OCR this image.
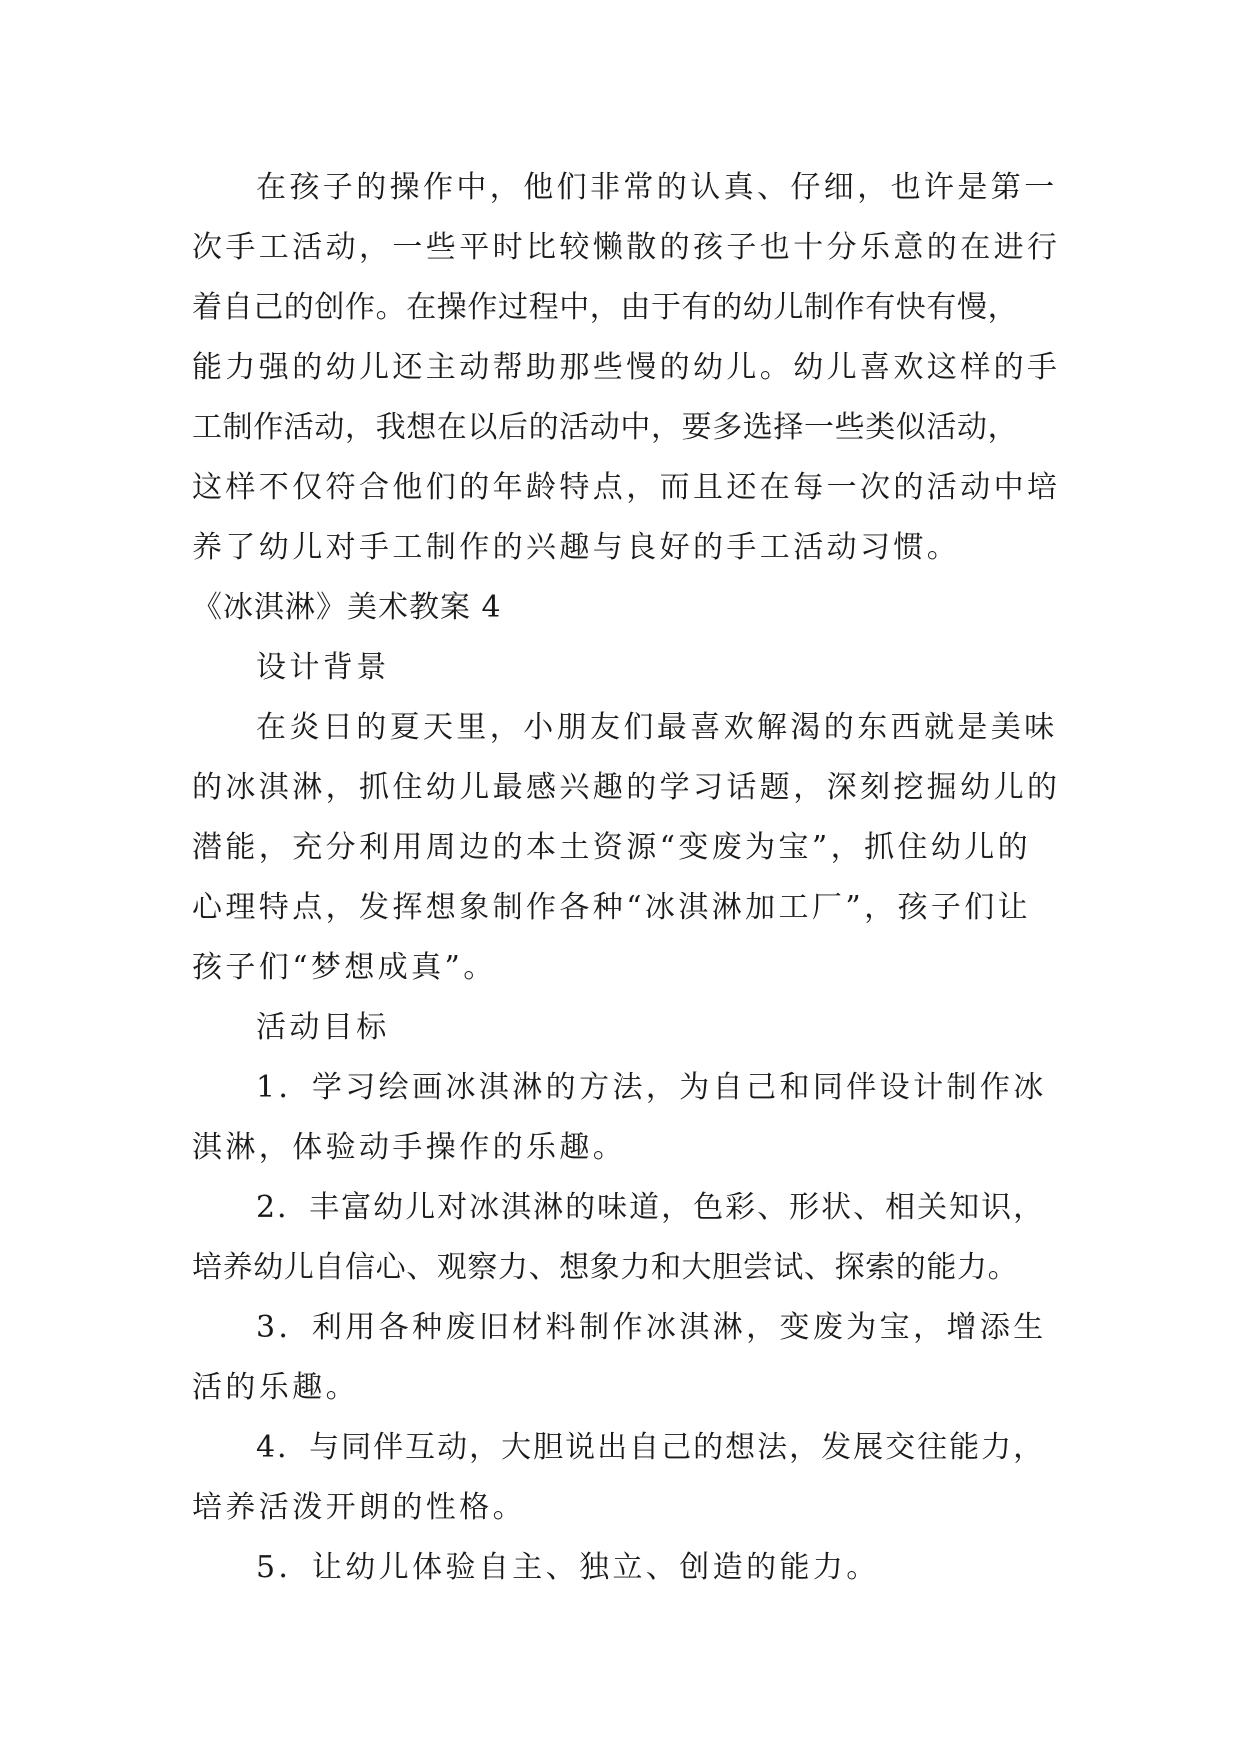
在孩子的操作中，他们非常的认真、仔细，也许是第一
次手工活动，一些平时比较懒散的孩子也十分乐意的在进行
着自己的创作。在操作过程中，由于有的幼儿制作有快有慢，
能力强的幼儿还主动帮助那些慢的幼儿。幼儿喜欢这样的手
工制作活动，我想在以后的活动中，要多选择一些类似活动，
这样不仅符合他们的年龄特点，而且还在每一次的活动中培
养了幼儿对手工制作的兴趣与良好的手工活动习惯。
《冰淇淋》美术教案 4
设计背景
在炎日的夏天里，小朋友们最喜欢解渴的东西就是美味
的冰淇淋，抓住幼儿最感兴趣的学习话题，深刻挖掘幼儿的
潜能，充分利用周边的本土资源“变废为宝”，抓住幼儿的
心理特点，发挥想象制作各种“冰淇淋加工厂”，孩子们让
孩子们“梦想成真”。
活动目标
1．学习绘画冰淇淋的方法，为自己和同伴设计制作冰
淇淋，体验动手操作的乐趣。
2．丰富幼儿对冰淇淋的味道，色彩、形状、相关知识，
培养幼儿自信心、观察力、想象力和大胆尝试、探索的能力。
3．利用各种废旧材料制作冰淇淋，变废为宝，增添生
活的乐趣。
4．与同伴互动，大胆说出自己的想法，发展交往能力，
培养活泼开朗的性格。
5．让幼儿体验自主、独立、创造的能力。
